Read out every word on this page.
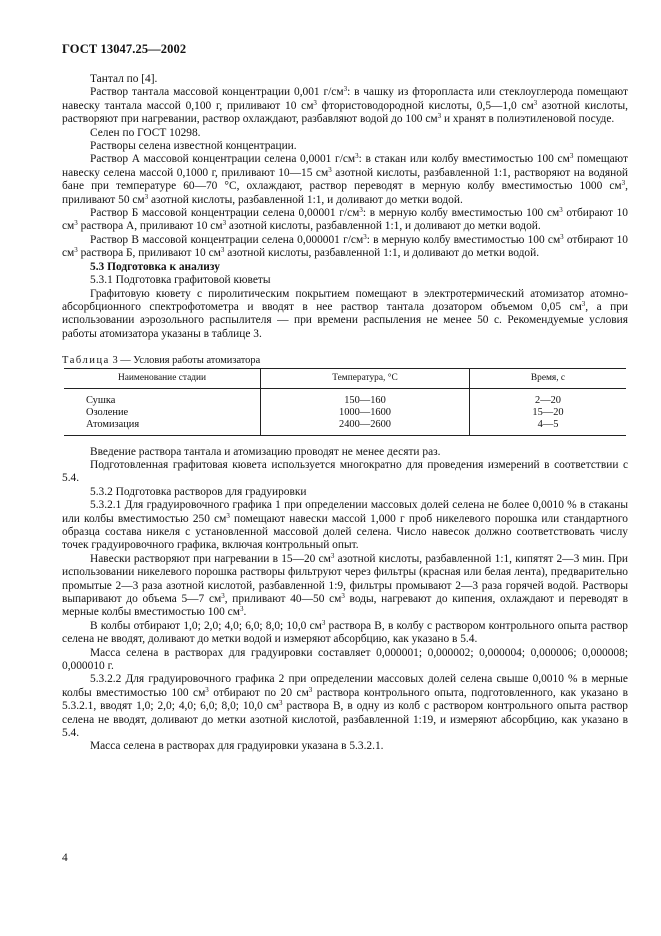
ГОСТ 13047.25—2002

Тантал по [4].

Раствор тантала массовой концентрации 0,001 $г/см^3$: в чашку из фторопласта или стеклоуглерода помещают навеску тантала массой 0,100 г, приливают 10 $см^3$ фтористоводородной кислоты, 0,5—1,0 $см^3$ азотной кислоты, растворяют при нагревании, раствор охлаждают, разбавляют водой до 100 $см^3$ и хранят в полиэтиленовой посуде.

Селен по ГОСТ 10298.

Растворы селена известной концентрации.

Раствор А массовой концентрации селена 0,0001 $г/см^3$: в стакан или колбу вместимостью 100 $см^3$ помещают навеску селена массой 0,1000 г, приливают 10—15 $см^3$ азотной кислоты, разбавленной 1:1, растворяют на водяной бане при температуре 60—70 °С, охлаждают, раствор переводят в мерную колбу вместимостью 1000 $см^3$, приливают 50 $см^3$ азотной кислоты, разбавленной 1:1, и доливают до метки водой.

Раствор Б массовой концентрации селена 0,00001 $г/см^3$: в мерную колбу вместимостью 100 $см^3$ отбирают 10 $см^3$ раствора А, приливают 10 $см^3$ азотной кислоты, разбавленной 1:1, и доливают до метки водой.

Раствор В массовой концентрации селена 0,000001 $г/см^3$: в мерную колбу вместимостью 100 $см^3$ отбирают 10 $см^3$ раствора Б, приливают 10 $см^3$ азотной кислоты, разбавленной 1:1, и доливают до метки водой.

5.3 Подготовка к анализу

5.3.1 Подготовка графитовой кюветы

Графитовую кювету с пиролитическим покрытием помещают в электротермический атомизатор атомно-абсорбционного спектрофотометра и вводят в нее раствор тантала дозатором объемом 0,05 $см^3$, а при использовании аэрозольного распылителя — при времени распыления не менее 50 с. Рекомендуемые условия работы атомизатора указаны в таблице 3.

Таблица 3 — Условия работы атомизатора

Наименование стадии	Температура, °С	Время, с
Сушка	150—160	2—20
Озоление	1000—1600	15—20
Атомизация	2400—2600	4—5

Введение раствора тантала и атомизацию проводят не менее десяти раз.

Подготовленная графитовая кювета используется многократно для проведения измерений в соответствии с 5.4.

5.3.2 Подготовка растворов для градуировки

5.3.2.1 Для градуировочного графика 1 при определении массовых долей селена не более 0,0010 % в стаканы или колбы вместимостью 250 $см^3$ помещают навески массой 1,000 г проб никелевого порошка или стандартного образца состава никеля с установленной массовой долей селена. Число навесок должно соответствовать числу точек градуировочного графика, включая контрольный опыт.

Навески растворяют при нагревании в 15—20 $см^3$ азотной кислоты, разбавленной 1:1, кипятят 2—3 мин. При использовании никелевого порошка растворы фильтруют через фильтры (красная или белая лента), предварительно промытые 2—3 раза азотной кислотой, разбавленной 1:9, фильтры промывают 2—3 раза горячей водой. Растворы выпаривают до объема 5—7 $см^3$, приливают 40—50 $см^3$ воды, нагревают до кипения, охлаждают и переводят в мерные колбы вместимостью 100 $см^3$.

В колбы отбирают 1,0; 2,0; 4,0; 6,0; 8,0; 10,0 $см^3$ раствора В, в колбу с раствором контрольного опыта раствор селена не вводят, доливают до метки водой и измеряют абсорбцию, как указано в 5.4.

Масса селена в растворах для градуировки составляет 0,000001; 0,000002; 0,000004; 0,000006; 0,000008; 0,000010 г.

5.3.2.2 Для градуировочного графика 2 при определении массовых долей селена свыше 0,0010 % в мерные колбы вместимостью 100 $см^3$ отбирают по 20 $см^3$ раствора контрольного опыта, подготовленного, как указано в 5.3.2.1, вводят 1,0; 2,0; 4,0; 6,0; 8,0; 10,0 $см^3$ раствора В, в одну из колб с раствором контрольного опыта раствор селена не вводят, доливают до метки азотной кислотой, разбавленной 1:19, и измеряют абсорбцию, как указано в 5.4.

Масса селена в растворах для градуировки указана в 5.3.2.1.

4
